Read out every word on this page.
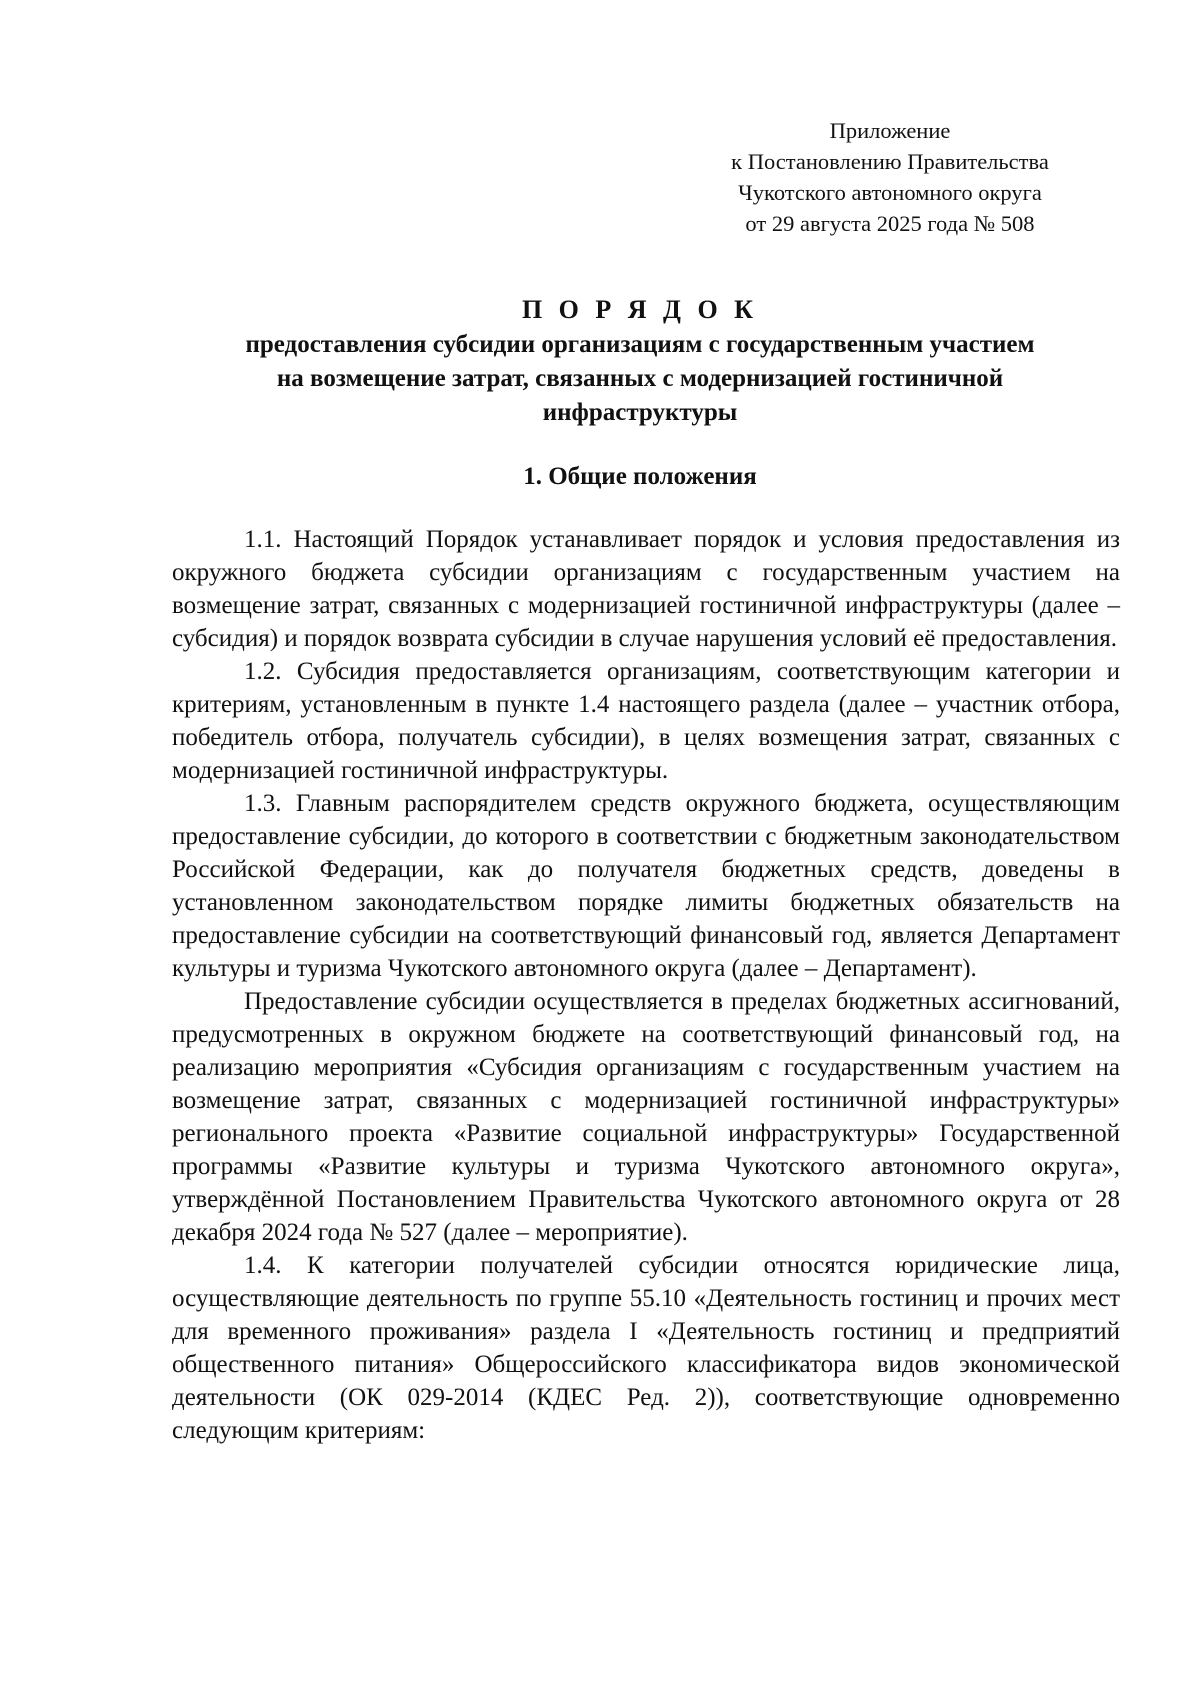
Приложение
к Постановлению Правительства
Чукотского автономного округа
от 29 августа 2025 года № 508
П О Р Я Д О К
предоставления субсидии организациям с государственным участием
на возмещение затрат, связанных с модернизацией гостиничной
инфраструктуры
1. Общие положения

1.1. Настоящий Порядок устанавливает порядок и условия предоставления из окружного бюджета субсидии организациям с государственным участием на возмещение затрат, связанных с модернизацией гостиничной инфраструктуры (далее – субсидия) и порядок возврата субсидии в случае нарушения условий её предоставления.

1.2. Субсидия предоставляется организациям, соответствующим категории и критериям, установленным в пункте 1.4 настоящего раздела (далее – участник отбора, победитель отбора, получатель субсидии), в целях возмещения затрат, связанных с модернизацией гостиничной инфраструктуры.

1.3. Главным распорядителем средств окружного бюджета, осуществляющим предоставление субсидии, до которого в соответствии с бюджетным законодательством Российской Федерации, как до получателя бюджетных средств, доведены в установленном законодательством порядке лимиты бюджетных обязательств на предоставление субсидии на соответствующий финансовый год, является Департамент культуры и туризма Чукотского автономного округа (далее – Департамент).

Предоставление субсидии осуществляется в пределах бюджетных ассигнований, предусмотренных в окружном бюджете на соответствующий финансовый год, на реализацию мероприятия «Субсидия организациям с государственным участием на возмещение затрат, связанных с модернизацией гостиничной инфраструктуры» регионального проекта «Развитие социальной инфраструктуры» Государственной программы «Развитие культуры и туризма Чукотского автономного округа», утверждённой Постановлением Правительства Чукотского автономного округа от 28 декабря 2024 года № 527 (далее – мероприятие).

1.4. К категории получателей субсидии относятся юридические лица, осуществляющие деятельность по группе 55.10 «Деятельность гостиниц и прочих мест для временного проживания» раздела I «Деятельность гостиниц и предприятий общественного питания» Общероссийского классификатора видов экономической деятельности (ОК 029-2014 (КДЕС Ред. 2)), соответствующие одновременно следующим критериям:
